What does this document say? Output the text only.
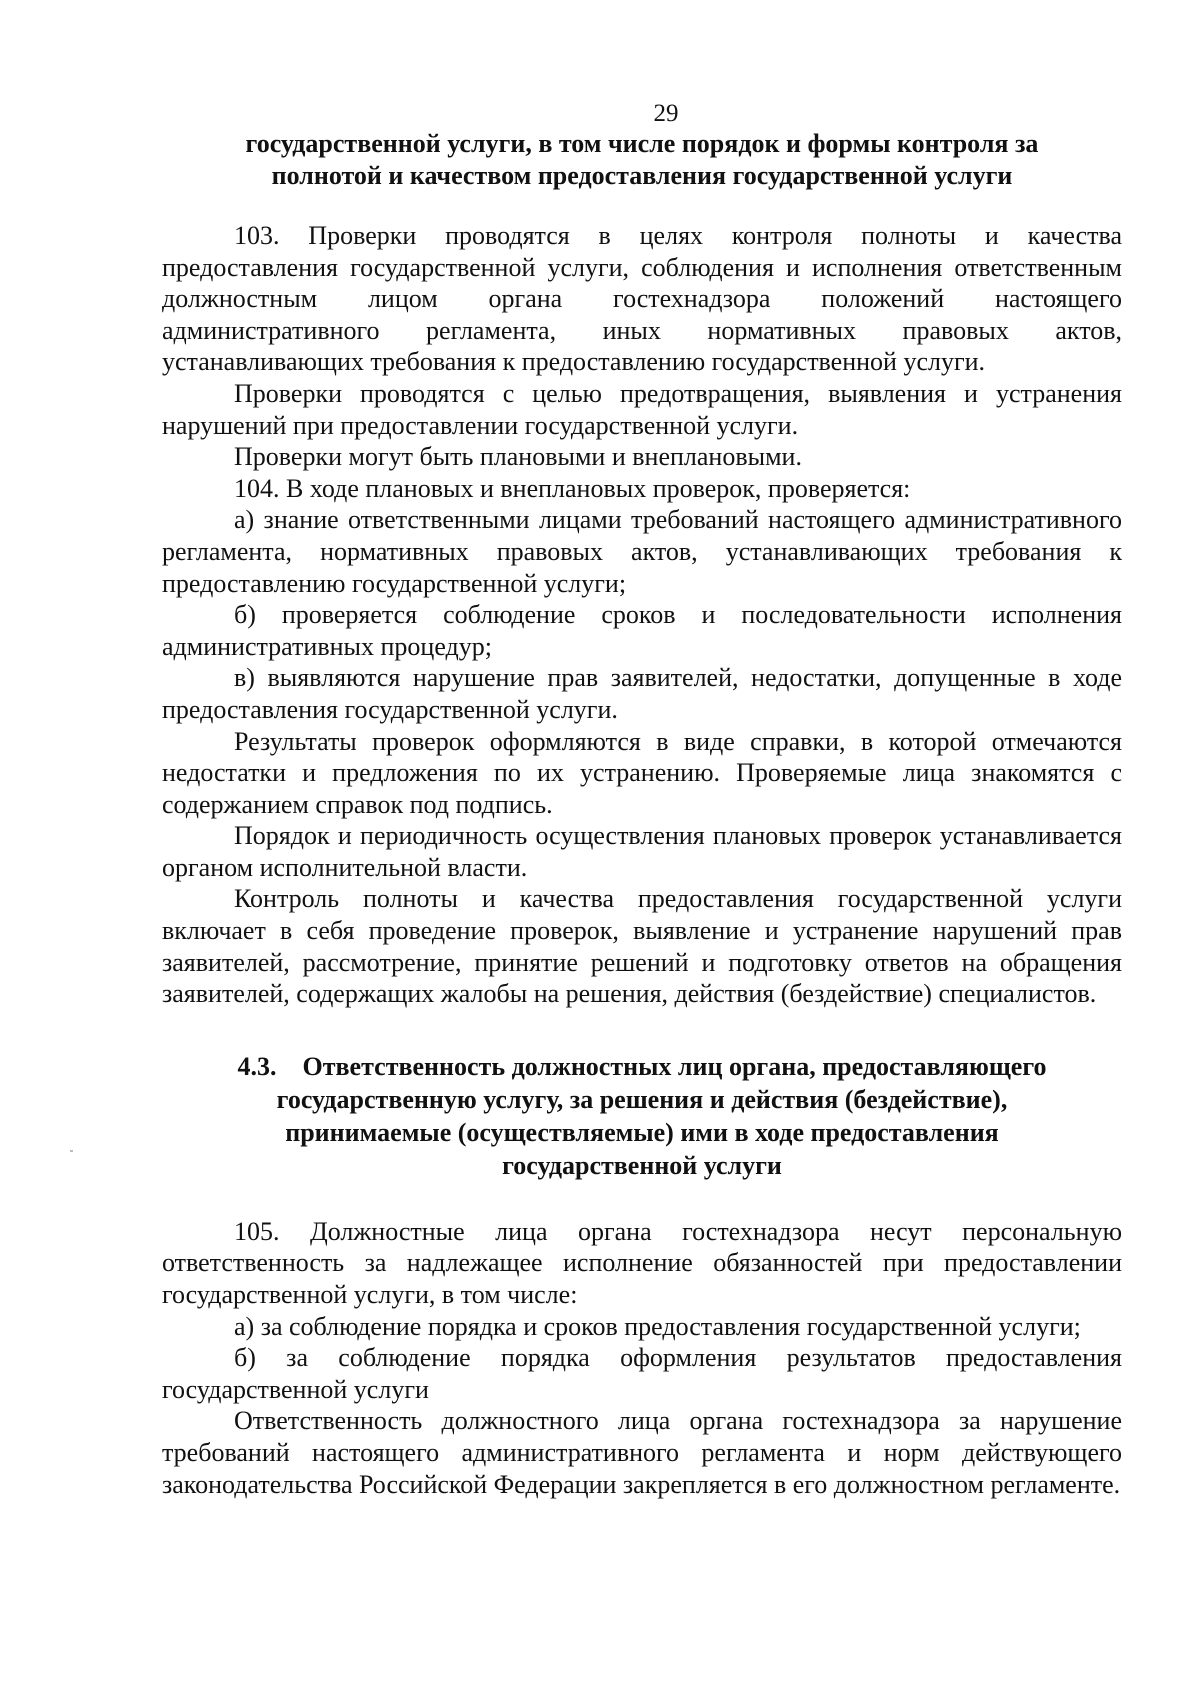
29

государственной услуги, в том числе порядок и формы контроля за

полнотой и качеством предоставления государственной услуги

103. Проверки проводятся в целях контроля полноты и качества предоставления государственной услуги, соблюдения и исполнения ответственным должностным лицом органа гостехнадзора положений настоящего административного регламента, иных нормативных правовых актов, устанавливающих требования к предоставлению государственной услуги.

Проверки проводятся с целью предотвращения, выявления и устранения нарушений при предоставлении государственной услуги.

Проверки могут быть плановыми и внеплановыми.

104. В ходе плановых и внеплановых проверок, проверяется:

а) знание ответственными лицами требований настоящего административного регламента, нормативных правовых актов, устанавливающих требования к предоставлению государственной услуги;

б) проверяется соблюдение сроков и последовательности исполнения административных процедур;

в) выявляются нарушение прав заявителей, недостатки, допущенные в ходе предоставления государственной услуги.

Результаты проверок оформляются в виде справки, в которой отмечаются недостатки и предложения по их устранению. Проверяемые лица знакомятся с содержанием справок под подпись.

Порядок и периодичность осуществления плановых проверок устанавливается органом исполнительной власти.

Контроль полноты и качества предоставления государственной услуги включает в себя проведение проверок, выявление и устранение нарушений прав заявителей, рассмотрение, принятие решений и подготовку ответов на обращения заявителей, содержащих жалобы на решения, действия (бездействие) специалистов.

4.3. Ответственность должностных лиц органа, предоставляющего

государственную услугу, за решения и действия (бездействие),

принимаемые (осуществляемые) ими в ходе предоставления

государственной услуги

105. Должностные лица органа гостехнадзора несут персональную ответственность за надлежащее исполнение обязанностей при предоставлении государственной услуги, в том числе:

а) за соблюдение порядка и сроков предоставления государственной услуги;

б) за соблюдение порядка оформления результатов предоставления государственной услуги

Ответственность должностного лица органа гостехнадзора за нарушение требований настоящего административного регламента и норм действующего законодательства Российской Федерации закрепляется в его должностном регламенте.
